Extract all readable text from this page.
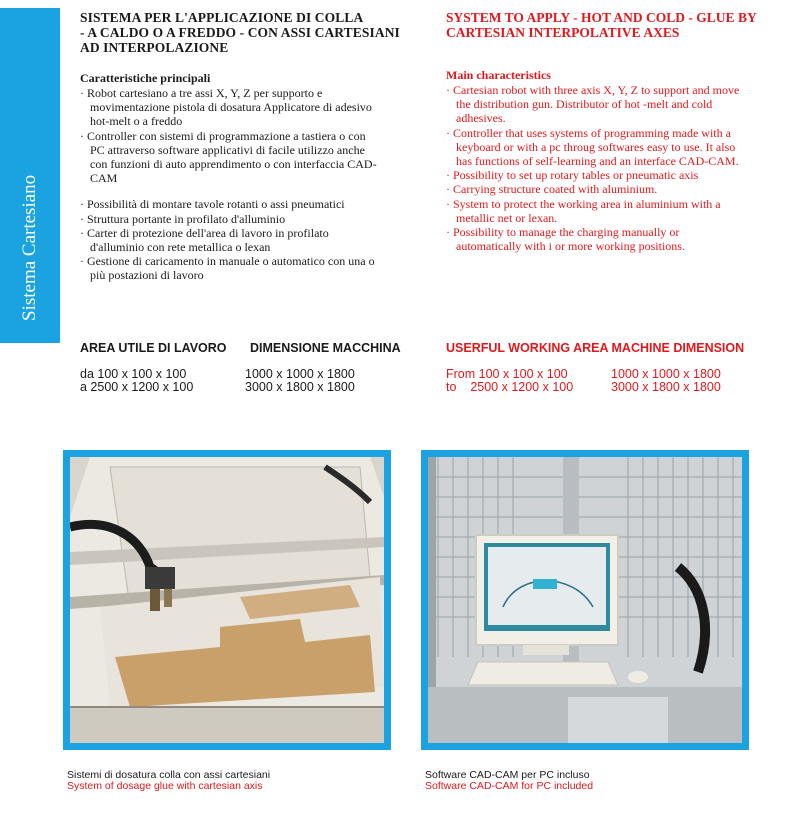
Sistema Cartesiano
SISTEMA PER L'APPLICAZIONE DI COLLA
- A CALDO O A FREDDO - CON ASSI CARTESIANI
AD INTERPOLAZIONE
SYSTEM TO APPLY - HOT AND COLD - GLUE BY
CARTESIAN INTERPOLATIVE AXES
Caratteristiche principali

· Robot cartesiano a tre assi X, Y, Z per supporto e movimentazione pistola di dosatura Applicatore di adesivo hot-melt o a freddo

· Controller con sistemi di programmazione a tastiera o con PC attraverso software applicativi di facile utilizzo anche con funzioni di auto apprendimento o con interfaccia CAD-CAM

· Possibilità di montare tavole rotanti o assi pneumatici

· Struttura portante in profilato d'alluminio

· Carter di protezione dell'area di lavoro in profilato d'alluminio con rete metallica o lexan

· Gestione di caricamento in manuale o automatico con una o più postazioni di lavoro

Main characteristics

· Cartesian robot with three axis X, Y, Z to support and move the distribution gun. Distributor of hot -melt and cold adhesives.

· Controller that uses systems of programming made with a keyboard or with a pc throug softwares easy to use. It also has functions of self-learning and an interface CAD-CAM.

· Possibility to set up rotary tables or pneumatic axis

· Carrying structure coated with aluminium.

· System to protect the working area in aluminium with a metallic net or lexan.

· Possibility to manage the charging manually or automatically with i or more working positions.

AREA UTILE DI LAVORO DIMENSIONE MACCHINA
da 100 x 100 x 100	1000 x 1000 x 1800
a 2500 x 1200 x 100	3000 x 1800 x 1800
USERFUL WORKING AREA MACHINE DIMENSION
From 100 x 100 x 100	1000 x 1000 x 1800
to    2500 x 1200 x 100	3000 x 1800 x 1800
Sistemi di dosatura colla con assi cartesiani
System of dosage glue with cartesian axis
Software CAD-CAM per PC incluso
Software CAD-CAM for PC included
